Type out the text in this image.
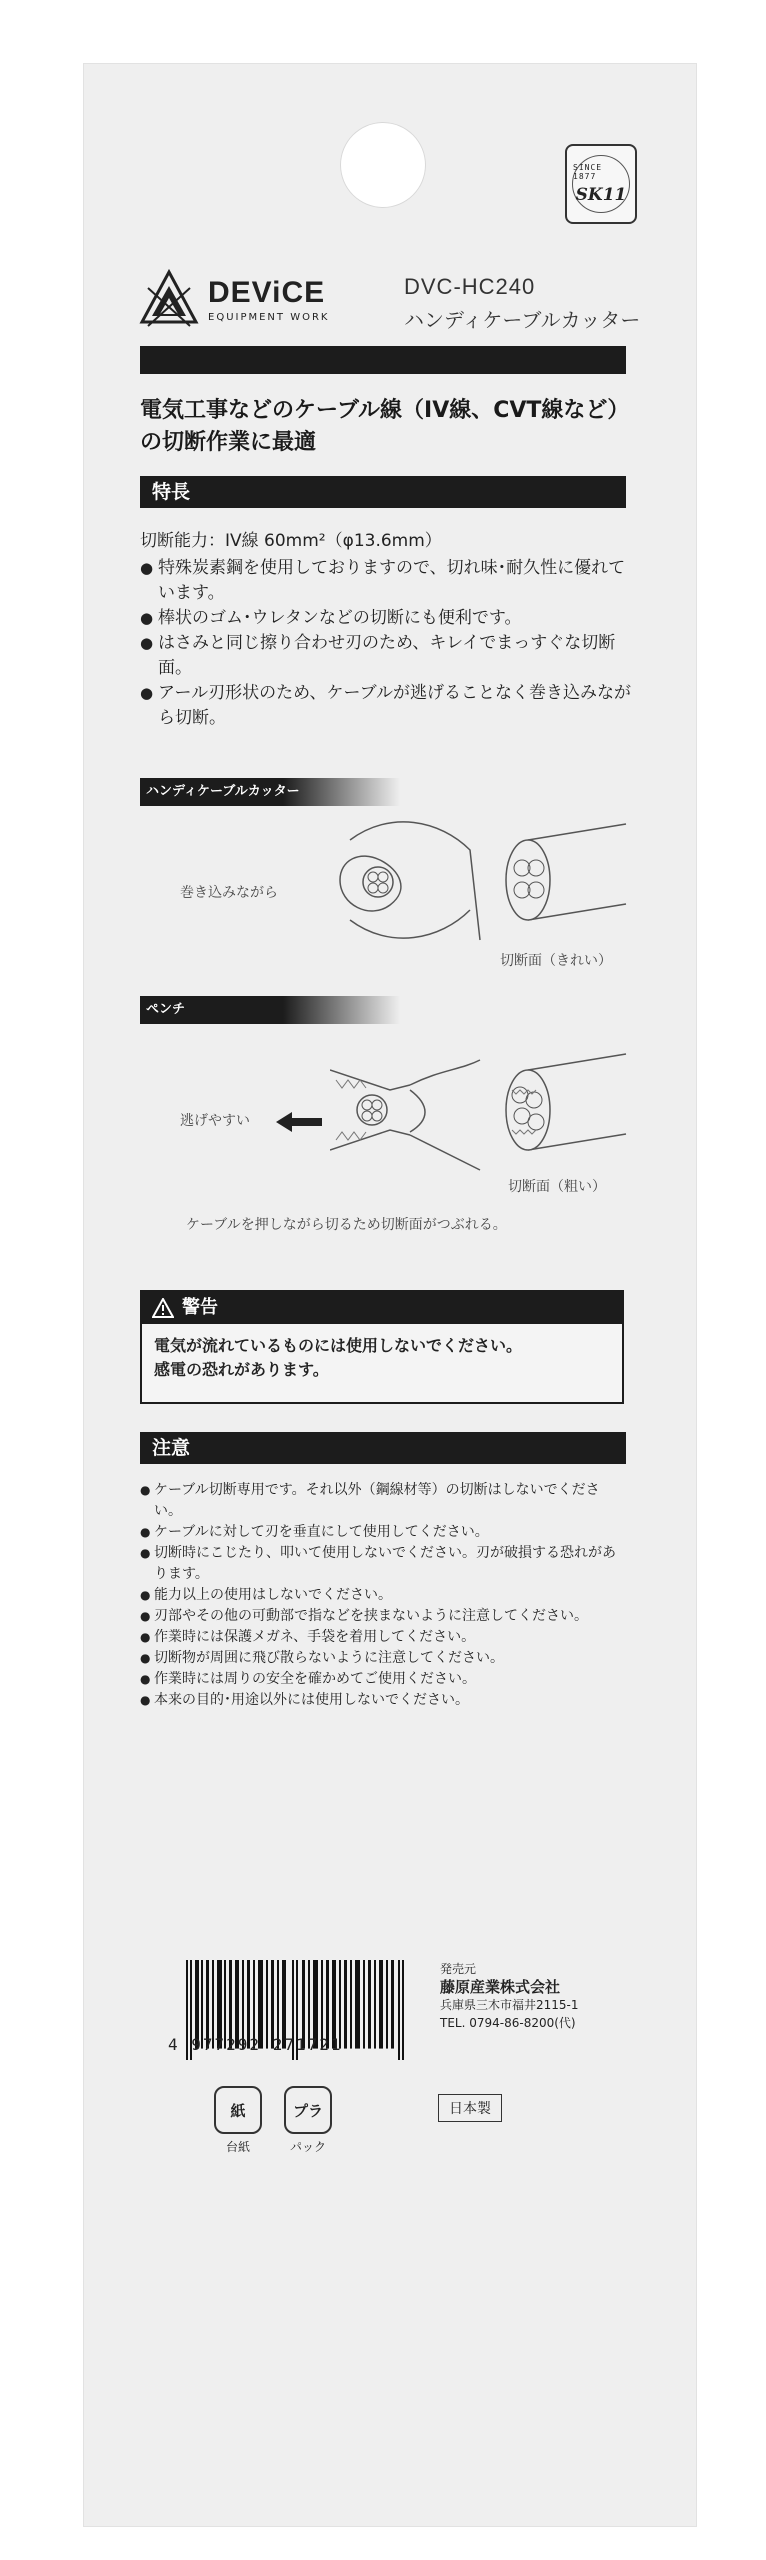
SINCE 1877
SK11
DEViCE
EQUIPMENT WORK
DVC-HC240
ハンディケーブルカッター
電気工事などのケーブル線（IV線、CVT線など）の切断作業に最適
特長
切断能力：IV線 60mm²（φ13.6mm）
● 特殊炭素鋼を使用しておりますので、切れ味･耐久性に優れています。
● 棒状のゴム･ウレタンなどの切断にも便利です。
● はさみと同じ擦り合わせ刃のため、キレイでまっすぐな切断面。
● アール刃形状のため、ケーブルが逃げることなく巻き込みながら切断。
ハンディケーブルカッター
巻き込みながら
切断面（きれい）
ペンチ
逃げやすい
切断面（粗い）
ケーブルを押しながら切るため切断面がつぶれる。
警告
電気が流れているものには使用しないでください。
感電の恐れがあります。
注意
● ケーブル切断専用です。それ以外（鋼線材等）の切断はしないでください。
● ケーブルに対して刃を垂直にして使用してください。
● 切断時にこじたり、叩いて使用しないでください。刃が破損する恐れがあります。
● 能力以上の使用はしないでください。
● 刃部やその他の可動部で指などを挟まないように注意してください。
● 作業時には保護メガネ、手袋を着用してください。
● 切断物が周囲に飛び散らないように注意してください。
● 作業時には周りの安全を確かめてご使用ください。
● 本来の目的･用途以外には使用しないでください。
4 977292 271721
発売元
藤原産業株式会社
兵庫県三木市福井2115-1
TEL. 0794-86-8200(代)
紙
台紙
プラ
パック
日本製
